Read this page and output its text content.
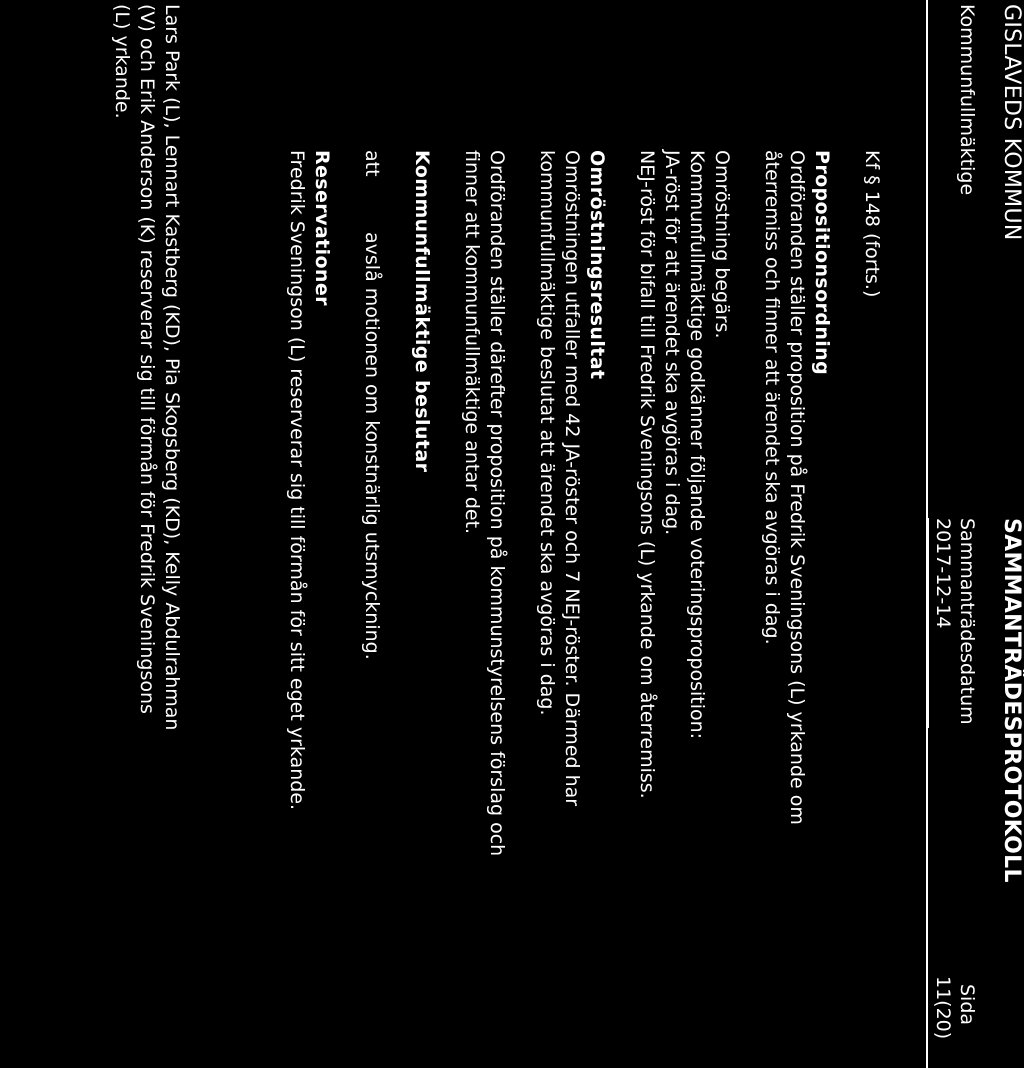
GISLAVEDS KOMMUN
SAMMANTRÄDESPROTOKOLL
Kommunfullmäktige
Sammanträdesdatum
2017-12-14
Sida
11(20)

Kf § 148 (forts.)

Propositionsordning

Ordföranden ställer proposition på Fredrik Sveningsons (L) yrkande om

återremiss och finner att ärendet ska avgöras i dag.

Omröstning begärs.

Kommunfullmäktige godkänner följande voteringsproposition:

JA-röst för att ärendet ska avgöras i dag.

NEJ-röst för bifall till Fredrik Sveningsons (L) yrkande om återremiss.

Omröstningsresultat

Omröstningen utfaller med 42 JA-röster och 7 NEJ-röster. Därmed har

kommunfullmäktige beslutat att ärendet ska avgöras i dag.

Ordföranden ställer därefter proposition på kommunstyrelsens förslag och

finner att kommunfullmäktige antar det.

Kommunfullmäktige beslutar

att
avslå motionen om konstnärlig utsmyckning.

Reservationer

Fredrik Sveningson (L) reserverar sig till förmån för sitt eget yrkande.

Lars Park (L), Lennart Kastberg (KD), Pia Skogsberg (KD), Kelly Abdulrahman

(V) och Erik Anderson (K) reserverar sig till förmån för Fredrik Sveningsons

(L) yrkande.
